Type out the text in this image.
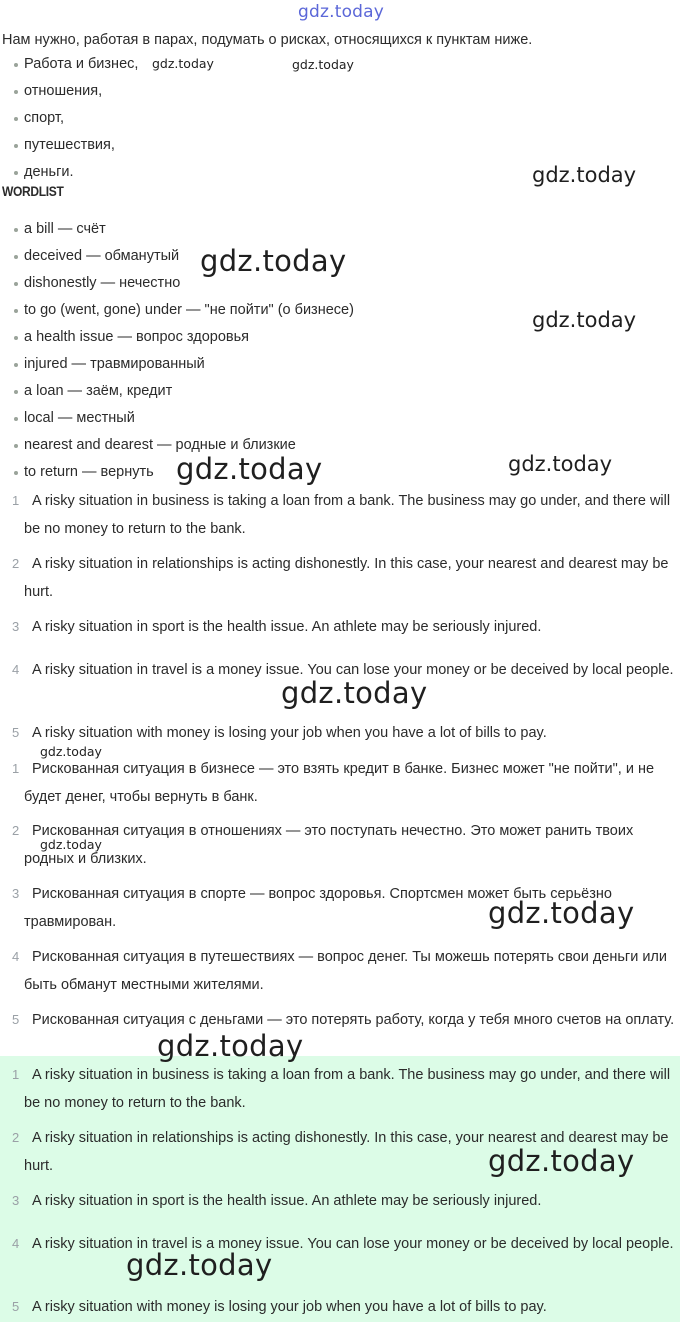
gdz.today
Нам нужно, работая в парах, подумать о рисках, относящихся к пунктам ниже.
Работа и бизнес,
отношения,
спорт,
путешествия,
деньги.
WORDLIST
a bill — счёт
deceived — обманутый
dishonestly — нечестно
to go (went, gone) under — "не пойти" (о бизнесе)
a health issue — вопрос здоровья
injured — травмированный
a loan — заём, кредит
local — местный
nearest and dearest — родные и близкие
to return — вернуть
1 A risky situation in business is taking a loan from a bank. The business may go under, and there will be no money to return to the bank.
2 A risky situation in relationships is acting dishonestly. In this case, your nearest and dearest may be hurt.
3 A risky situation in sport is the health issue. An athlete may be seriously injured.
4 A risky situation in travel is a money issue. You can lose your money or be deceived by local people.
5 A risky situation with money is losing your job when you have a lot of bills to pay.
1 Рискованная ситуация в бизнесе — это взять кредит в банке. Бизнес может "не пойти", и не будет денег, чтобы вернуть в банк.
2 Рискованная ситуация в отношениях — это поступать нечестно. Это может ранить твоих родных и близких.
3 Рискованная ситуация в спорте — вопрос здоровья. Спортсмен может быть серьёзно травмирован.
4 Рискованная ситуация в путешествиях — вопрос денег. Ты можешь потерять свои деньги или быть обманут местными жителями.
5 Рискованная ситуация с деньгами — это потерять работу, когда у тебя много счетов на оплату.
1 A risky situation in business is taking a loan from a bank. The business may go under, and there will be no money to return to the bank.
2 A risky situation in relationships is acting dishonestly. In this case, your nearest and dearest may be hurt.
3 A risky situation in sport is the health issue. An athlete may be seriously injured.
4 A risky situation in travel is a money issue. You can lose your money or be deceived by local people.
5 A risky situation with money is losing your job when you have a lot of bills to pay.
gdz.today	gdz.today
gdz.today
gdz.today
gdz.today
gdz.today	gdz.today
gdz.today
gdz.today
gdz.today
gdz.today
gdz.today
gdz.today
gdz.today
